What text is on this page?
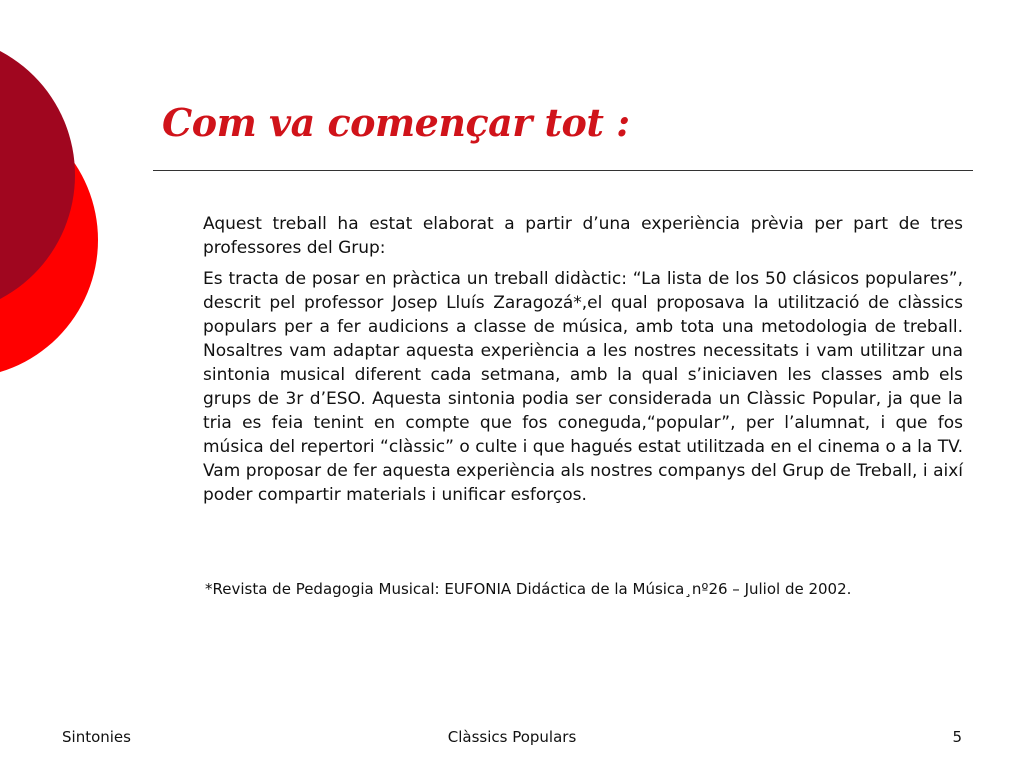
Com va començar tot :

Aquest treball ha estat elaborat a partir d’una experiència prèvia per part de tres professores del Grup:

Es tracta de posar en pràctica un treball didàctic: “La lista de los 50 clásicos populares”, descrit pel professor Josep Lluís Zaragozá*,el qual proposava la utilització de clàssics populars per a fer audicions a classe de música, amb tota una metodologia de treball. Nosaltres vam adaptar aquesta experiència a les nostres necessitats i vam utilitzar una sintonia musical diferent cada setmana, amb la qual s’iniciaven les classes amb els grups de 3r d’ESO. Aquesta sintonia podia ser considerada un Clàssic Popular, ja que la tria es feia tenint en compte que fos coneguda,“popular”, per l’alumnat, i que fos música del repertori “clàssic” o culte i que hagués estat utilitzada en el cinema o a la TV. Vam proposar de fer aquesta experiència als nostres companys del Grup de Treball, i així poder compartir materials i unificar esforços.

*Revista de Pedagogia Musical: EUFONIA Didáctica de la Música¸nº26 – Juliol de 2002.
Sintonies	Clàssics Populars	5
